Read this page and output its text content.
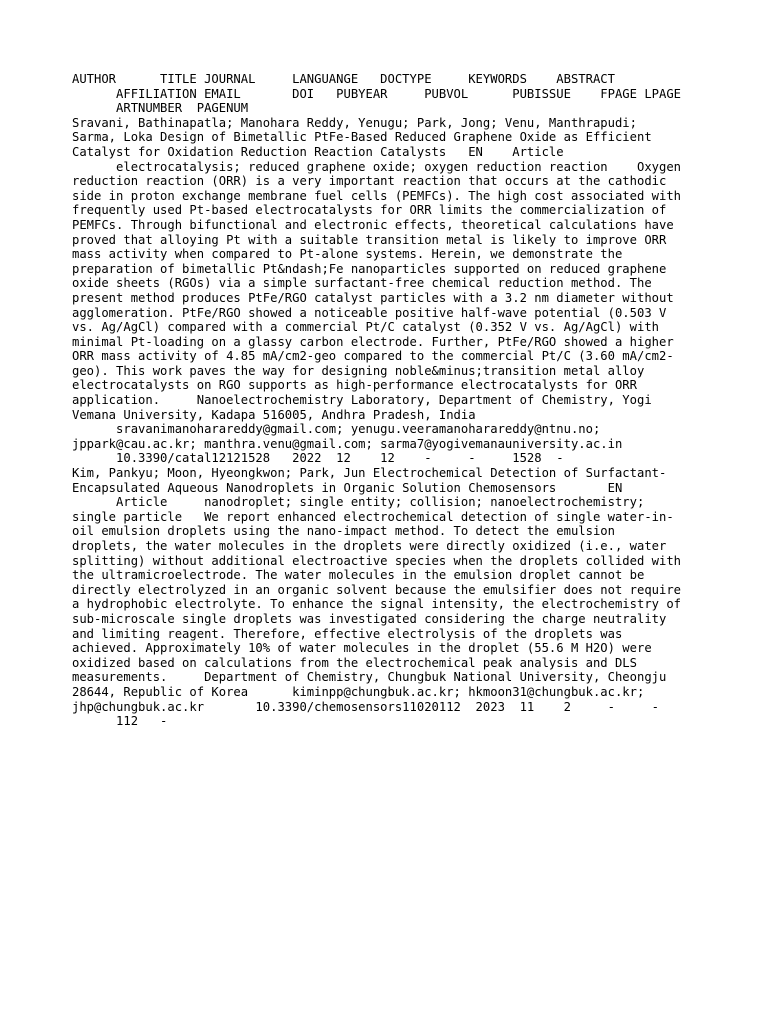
AUTHOR      TITLE JOURNAL     LANGUANGE   DOCTYPE     KEYWORDS    ABSTRACT
AFFILIATION EMAIL       DOI   PUBYEAR     PUBVOL      PUBISSUE    FPAGE LPAGE
ARTNUMBER  PAGENUM
Sravani, Bathinapatla; Manohara Reddy, Yenugu; Park, Jong; Venu, Manthrapudi;
Sarma, Loka Design of Bimetallic PtFe-Based Reduced Graphene Oxide as Efficient
Catalyst for Oxidation Reduction Reaction Catalysts   EN    Article
electrocatalysis; reduced graphene oxide; oxygen reduction reaction    Oxygen
reduction reaction (ORR) is a very important reaction that occurs at the cathodic
side in proton exchange membrane fuel cells (PEMFCs). The high cost associated with
frequently used Pt-based electrocatalysts for ORR limits the commercialization of
PEMFCs. Through bifunctional and electronic effects, theoretical calculations have
proved that alloying Pt with a suitable transition metal is likely to improve ORR
mass activity when compared to Pt-alone systems. Herein, we demonstrate the
preparation of bimetallic Pt&ndash;Fe nanoparticles supported on reduced graphene
oxide sheets (RGOs) via a simple surfactant-free chemical reduction method. The
present method produces PtFe/RGO catalyst particles with a 3.2 nm diameter without
agglomeration. PtFe/RGO showed a noticeable positive half-wave potential (0.503 V
vs. Ag/AgCl) compared with a commercial Pt/C catalyst (0.352 V vs. Ag/AgCl) with
minimal Pt-loading on a glassy carbon electrode. Further, PtFe/RGO showed a higher
ORR mass activity of 4.85 mA/cm2-geo compared to the commercial Pt/C (3.60 mA/cm2-
geo). This work paves the way for designing noble&minus;transition metal alloy
electrocatalysts on RGO supports as high-performance electrocatalysts for ORR
application.     Nanoelectrochemistry Laboratory, Department of Chemistry, Yogi
Vemana University, Kadapa 516005, Andhra Pradesh, India
sravanimanohararеddy@gmail.com; yenugu.veeramanohararеddy@ntnu.no;
jppark@cau.ac.kr; manthra.venu@gmail.com; sarma7@yogivemanauniversity.ac.in
10.3390/catal12121528   2022  12    12    -     -     1528  -
Kim, Pankyu; Moon, Hyeongkwon; Park, Jun Electrochemical Detection of Surfactant-
Encapsulated Aqueous Nanodroplets in Organic Solution Chemosensors       EN
Article     nanodroplet; single entity; collision; nanoelectrochemistry;
single particle   We report enhanced electrochemical detection of single water-in-
oil emulsion droplets using the nano-impact method. To detect the emulsion
droplets, the water molecules in the droplets were directly oxidized (i.e., water
splitting) without additional electroactive species when the droplets collided with
the ultramicroelectrode. The water molecules in the emulsion droplet cannot be
directly electrolyzed in an organic solvent because the emulsifier does not require
a hydrophobic electrolyte. To enhance the signal intensity, the electrochemistry of
sub-microscale single droplets was investigated considering the charge neutrality
and limiting reagent. Therefore, effective electrolysis of the droplets was
achieved. Approximately 10% of water molecules in the droplet (55.6 M H2O) were
oxidized based on calculations from the electrochemical peak analysis and DLS
measurements.     Department of Chemistry, Chungbuk National University, Cheongju
28644, Republic of Korea      kiminpp@chungbuk.ac.kr; hkmoon31@chungbuk.ac.kr;
jhp@chungbuk.ac.kr       10.3390/chemosensors11020112  2023  11    2     -     -
112   -
